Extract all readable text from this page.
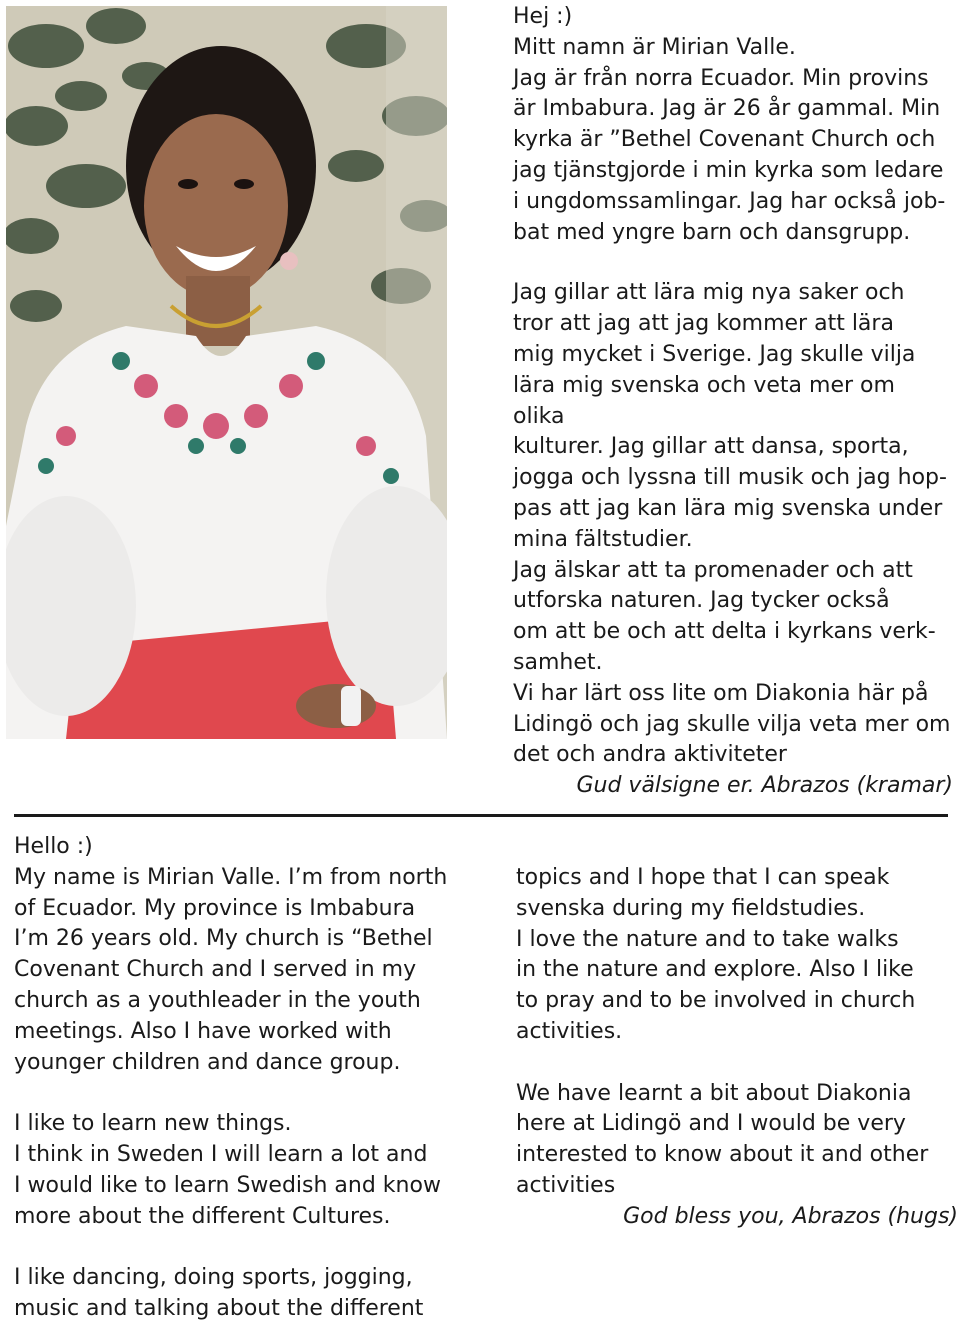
Hej :)

Mitt namn är Mirian Valle.

Jag är från norra Ecuador. Min provins

är Imbabura. Jag är 26 år gammal. Min

kyrka är ”Bethel Covenant Church och

jag tjänstgjorde i min kyrka som ledare

i ungdomssamlingar. Jag har också job-

bat med yngre barn och dansgrupp.

Jag gillar att lära mig nya saker och

tror att jag att jag kommer att lära

mig mycket i Sverige. Jag skulle vilja

lära mig svenska och veta mer om olika

kulturer. Jag gillar att dansa, sporta,

jogga och lyssna till musik och jag hop-

pas att jag kan lära mig svenska under

mina fältstudier.

Jag älskar att ta promenader och att

utforska naturen. Jag tycker också

om att be och att delta i kyrkans verk-

samhet.

Vi har lärt oss lite om Diakonia här på

Lidingö och jag skulle vilja veta mer om

det och andra aktiviteter

Gud välsigne er. Abrazos (kramar)

Hello :)

My name is Mirian Valle. I’m from north

of Ecuador. My province is Imbabura

I’m 26 years old. My church is “Bethel

Covenant Church and I served in my

church as a youthleader in the youth

meetings. Also I have worked with

younger children and dance group.

I like to learn new things.

I think in Sweden I will learn a lot and

I would like to learn Swedish and know

more about the different Cultures.

I like dancing, doing sports, jogging,

music and talking about the different

topics and I hope that I can speak

svenska during my fieldstudies.

I love the nature and to take walks

in the nature and explore. Also I like

to pray and to be involved in church

activities.

We have learnt a bit about Diakonia

here at Lidingö and I would be very

interested to know about it and other

activities

God bless you, Abrazos (hugs)
